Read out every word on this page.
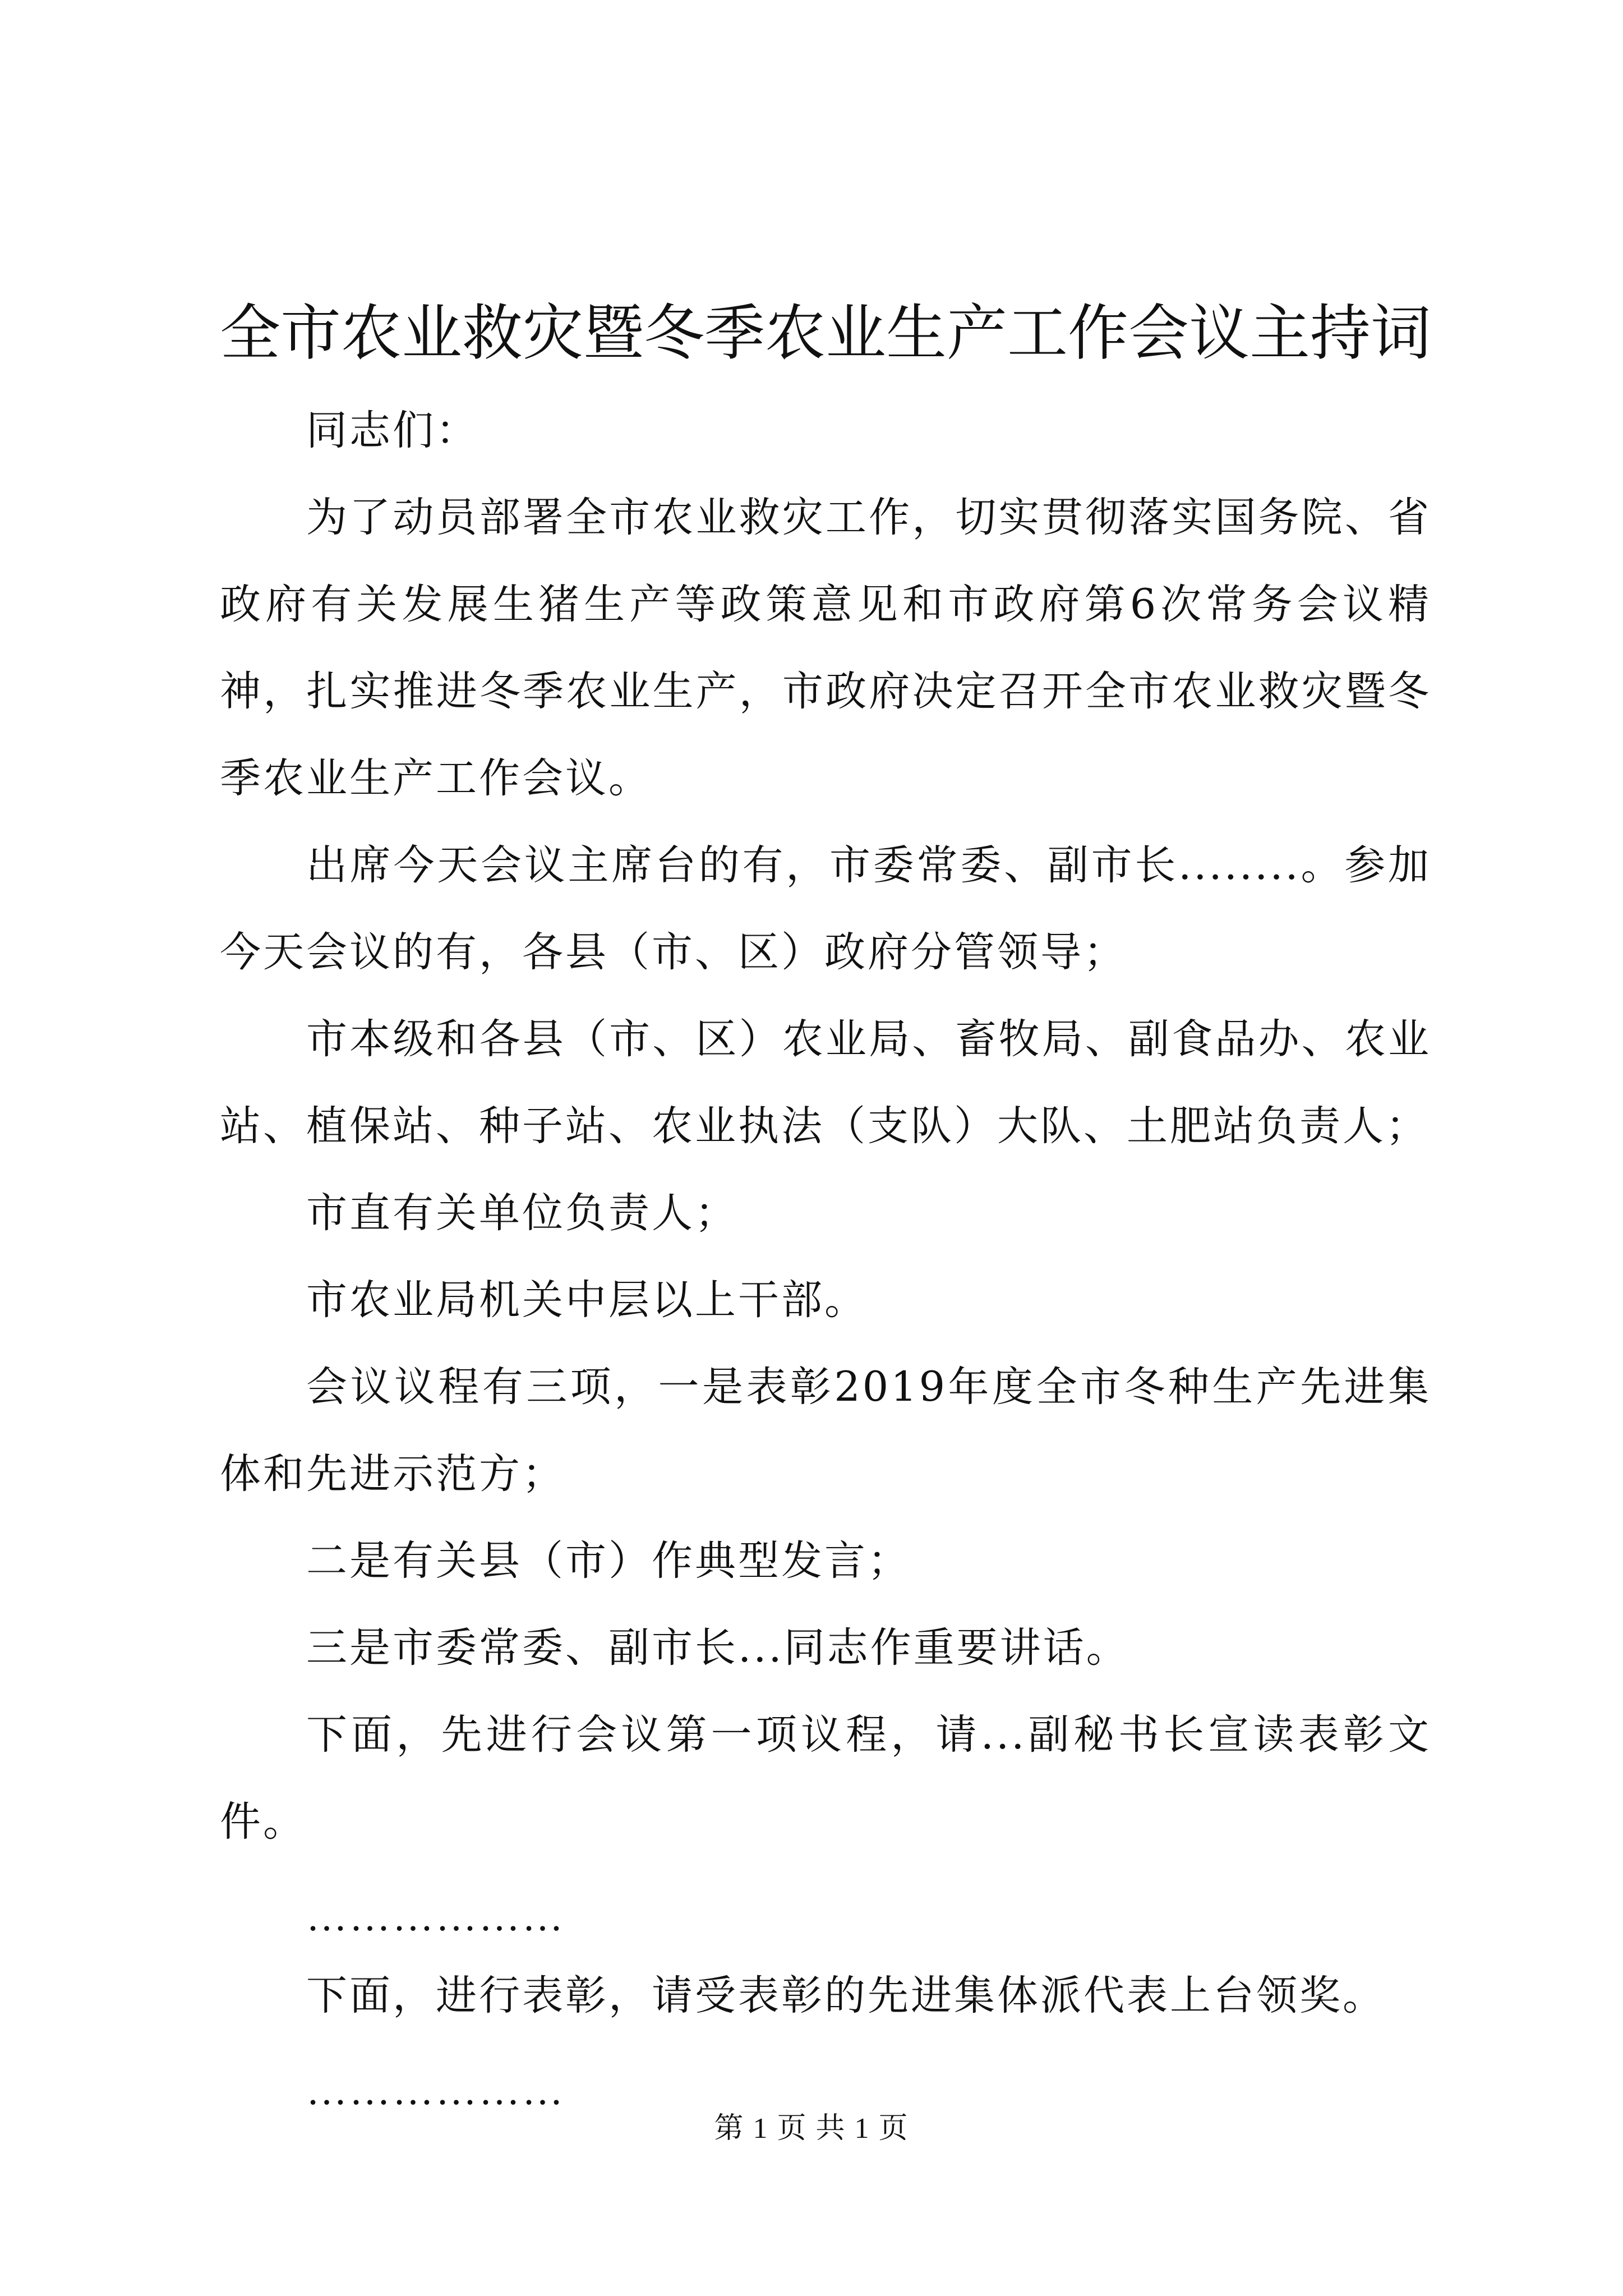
全市农业救灾暨冬季农业生产工作会议主持词

同志们：

为了动员部署全市农业救灾工作，切实贯彻落实国务院、省政府有关发展生猪生产等政策意见和市政府第6次常务会议精神，扎实推进冬季农业生产，市政府决定召开全市农业救灾暨冬季农业生产工作会议。

出席今天会议主席台的有，市委常委、副市长........。参加今天会议的有，各县（市、区）政府分管领导；

市本级和各县（市、区）农业局、畜牧局、副食品办、农业站、植保站、种子站、农业执法（支队）大队、土肥站负责人；

市直有关单位负责人；

市农业局机关中层以上干部。

会议议程有三项，一是表彰2019年度全市冬种生产先进集体和先进示范方；

二是有关县（市）作典型发言；

三是市委常委、副市长...同志作重要讲话。

下面，先进行会议第一项议程，请...副秘书长宣读表彰文件。

………………

下面，进行表彰，请受表彰的先进集体派代表上台领奖。

………………
第 1 页 共 1 页
